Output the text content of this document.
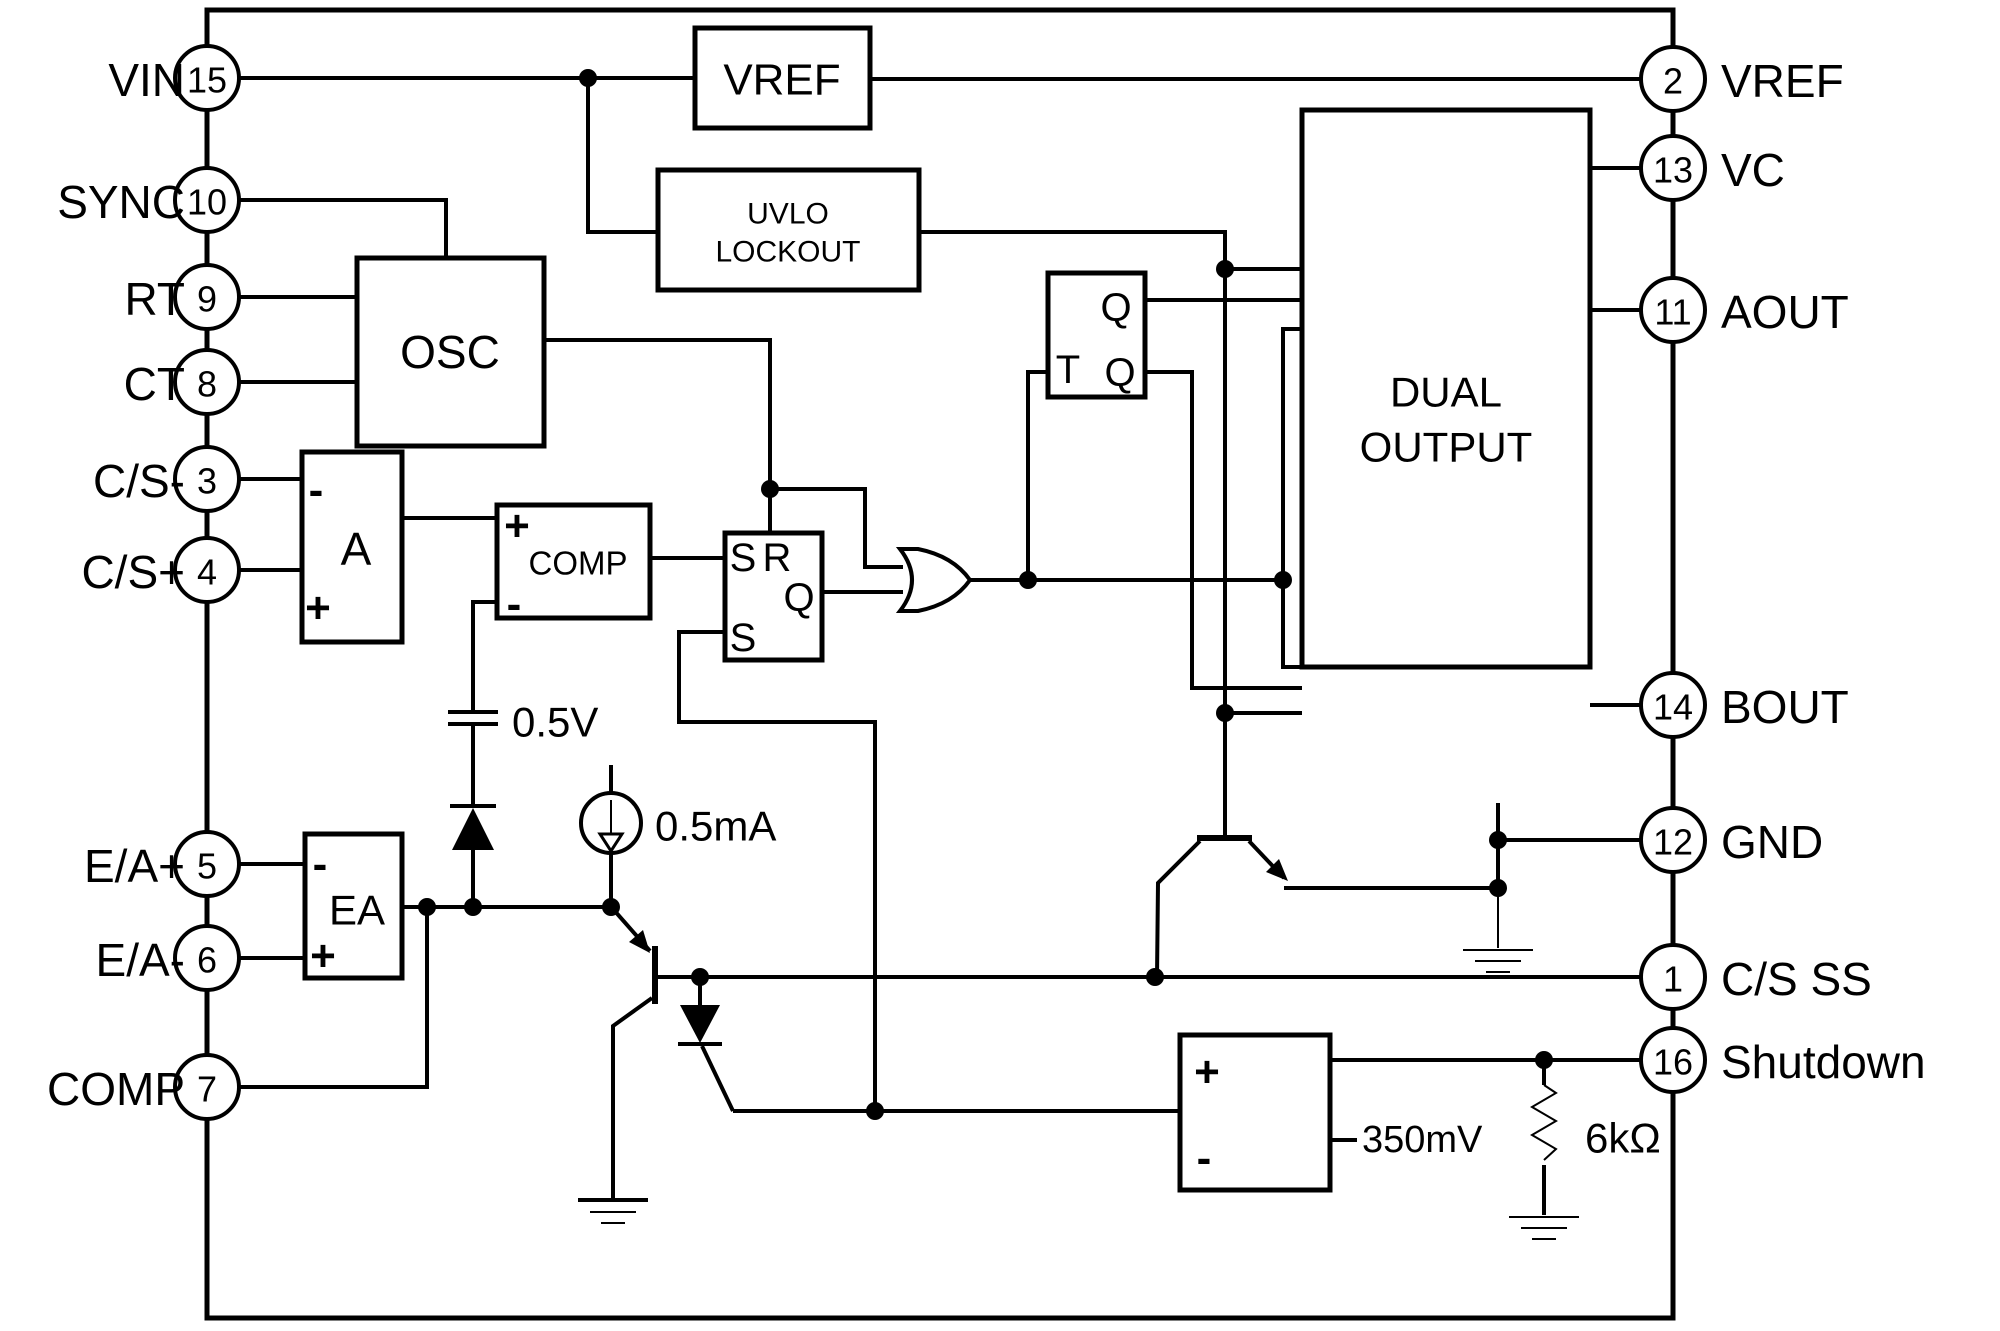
VREF
UVLO
LOCKOUT
OSC
-
+
A	+
-
COMP	S R
Q
S
Q
T Q	DUAL
OUTPUT
-
+
EA
+
-
0.5V
0.5mA
6kΩ
350mV
15
VIN
10
SYNC
9
RT
8
CT
3
C/S-
4
C/S+
5
E/A+
6
E/A-
7
COMP
2 VREF
13 VC
11 AOUT
14 BOUT
12 GND
1 C/S SS
16 Shutdown
